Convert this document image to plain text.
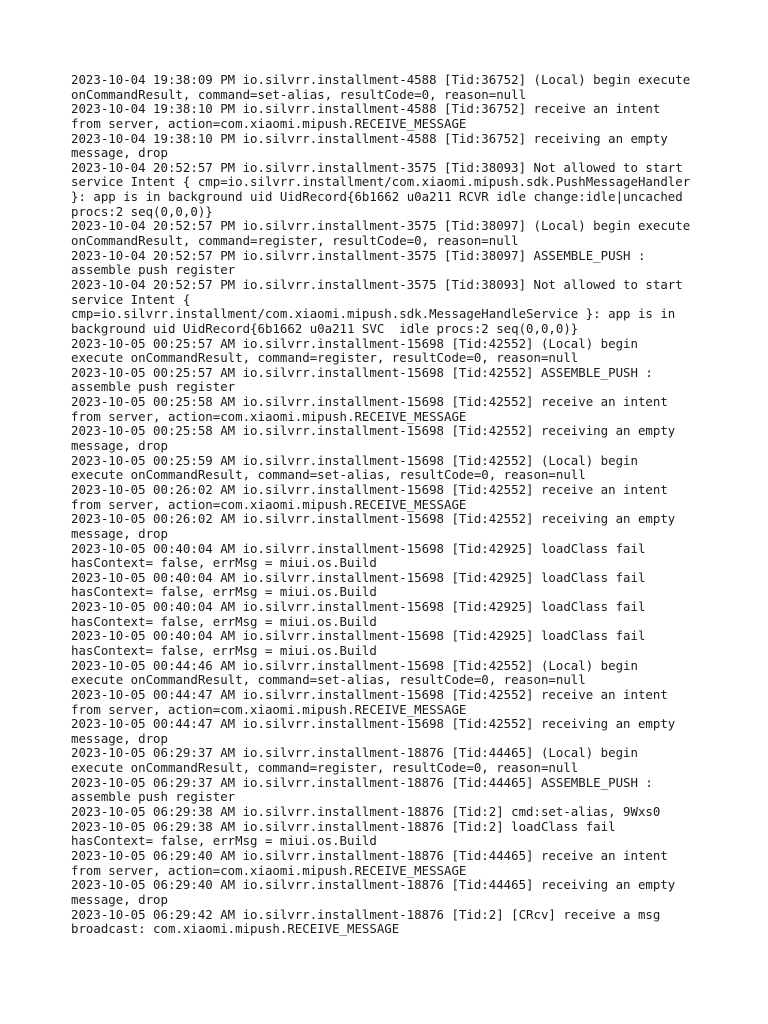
2023-10-04 19:38:09 PM io.silvrr.installment-4588 [Tid:36752] (Local) begin execute
onCommandResult, command=set-alias, resultCode=0, reason=null
2023-10-04 19:38:10 PM io.silvrr.installment-4588 [Tid:36752] receive an intent
from server, action=com.xiaomi.mipush.RECEIVE_MESSAGE
2023-10-04 19:38:10 PM io.silvrr.installment-4588 [Tid:36752] receiving an empty
message, drop
2023-10-04 20:52:57 PM io.silvrr.installment-3575 [Tid:38093] Not allowed to start
service Intent { cmp=io.silvrr.installment/com.xiaomi.mipush.sdk.PushMessageHandler
}: app is in background uid UidRecord{6b1662 u0a211 RCVR idle change:idle|uncached
procs:2 seq(0,0,0)}
2023-10-04 20:52:57 PM io.silvrr.installment-3575 [Tid:38097] (Local) begin execute
onCommandResult, command=register, resultCode=0, reason=null
2023-10-04 20:52:57 PM io.silvrr.installment-3575 [Tid:38097] ASSEMBLE_PUSH :
assemble push register
2023-10-04 20:52:57 PM io.silvrr.installment-3575 [Tid:38093] Not allowed to start
service Intent {
cmp=io.silvrr.installment/com.xiaomi.mipush.sdk.MessageHandleService }: app is in
background uid UidRecord{6b1662 u0a211 SVC  idle procs:2 seq(0,0,0)}
2023-10-05 00:25:57 AM io.silvrr.installment-15698 [Tid:42552] (Local) begin
execute onCommandResult, command=register, resultCode=0, reason=null
2023-10-05 00:25:57 AM io.silvrr.installment-15698 [Tid:42552] ASSEMBLE_PUSH :
assemble push register
2023-10-05 00:25:58 AM io.silvrr.installment-15698 [Tid:42552] receive an intent
from server, action=com.xiaomi.mipush.RECEIVE_MESSAGE
2023-10-05 00:25:58 AM io.silvrr.installment-15698 [Tid:42552] receiving an empty
message, drop
2023-10-05 00:25:59 AM io.silvrr.installment-15698 [Tid:42552] (Local) begin
execute onCommandResult, command=set-alias, resultCode=0, reason=null
2023-10-05 00:26:02 AM io.silvrr.installment-15698 [Tid:42552] receive an intent
from server, action=com.xiaomi.mipush.RECEIVE_MESSAGE
2023-10-05 00:26:02 AM io.silvrr.installment-15698 [Tid:42552] receiving an empty
message, drop
2023-10-05 00:40:04 AM io.silvrr.installment-15698 [Tid:42925] loadClass fail
hasContext= false, errMsg = miui.os.Build
2023-10-05 00:40:04 AM io.silvrr.installment-15698 [Tid:42925] loadClass fail
hasContext= false, errMsg = miui.os.Build
2023-10-05 00:40:04 AM io.silvrr.installment-15698 [Tid:42925] loadClass fail
hasContext= false, errMsg = miui.os.Build
2023-10-05 00:40:04 AM io.silvrr.installment-15698 [Tid:42925] loadClass fail
hasContext= false, errMsg = miui.os.Build
2023-10-05 00:44:46 AM io.silvrr.installment-15698 [Tid:42552] (Local) begin
execute onCommandResult, command=set-alias, resultCode=0, reason=null
2023-10-05 00:44:47 AM io.silvrr.installment-15698 [Tid:42552] receive an intent
from server, action=com.xiaomi.mipush.RECEIVE_MESSAGE
2023-10-05 00:44:47 AM io.silvrr.installment-15698 [Tid:42552] receiving an empty
message, drop
2023-10-05 06:29:37 AM io.silvrr.installment-18876 [Tid:44465] (Local) begin
execute onCommandResult, command=register, resultCode=0, reason=null
2023-10-05 06:29:37 AM io.silvrr.installment-18876 [Tid:44465] ASSEMBLE_PUSH :
assemble push register
2023-10-05 06:29:38 AM io.silvrr.installment-18876 [Tid:2] cmd:set-alias, 9Wxs0
2023-10-05 06:29:38 AM io.silvrr.installment-18876 [Tid:2] loadClass fail
hasContext= false, errMsg = miui.os.Build
2023-10-05 06:29:40 AM io.silvrr.installment-18876 [Tid:44465] receive an intent
from server, action=com.xiaomi.mipush.RECEIVE_MESSAGE
2023-10-05 06:29:40 AM io.silvrr.installment-18876 [Tid:44465] receiving an empty
message, drop
2023-10-05 06:29:42 AM io.silvrr.installment-18876 [Tid:2] [CRcv] receive a msg
broadcast: com.xiaomi.mipush.RECEIVE_MESSAGE
